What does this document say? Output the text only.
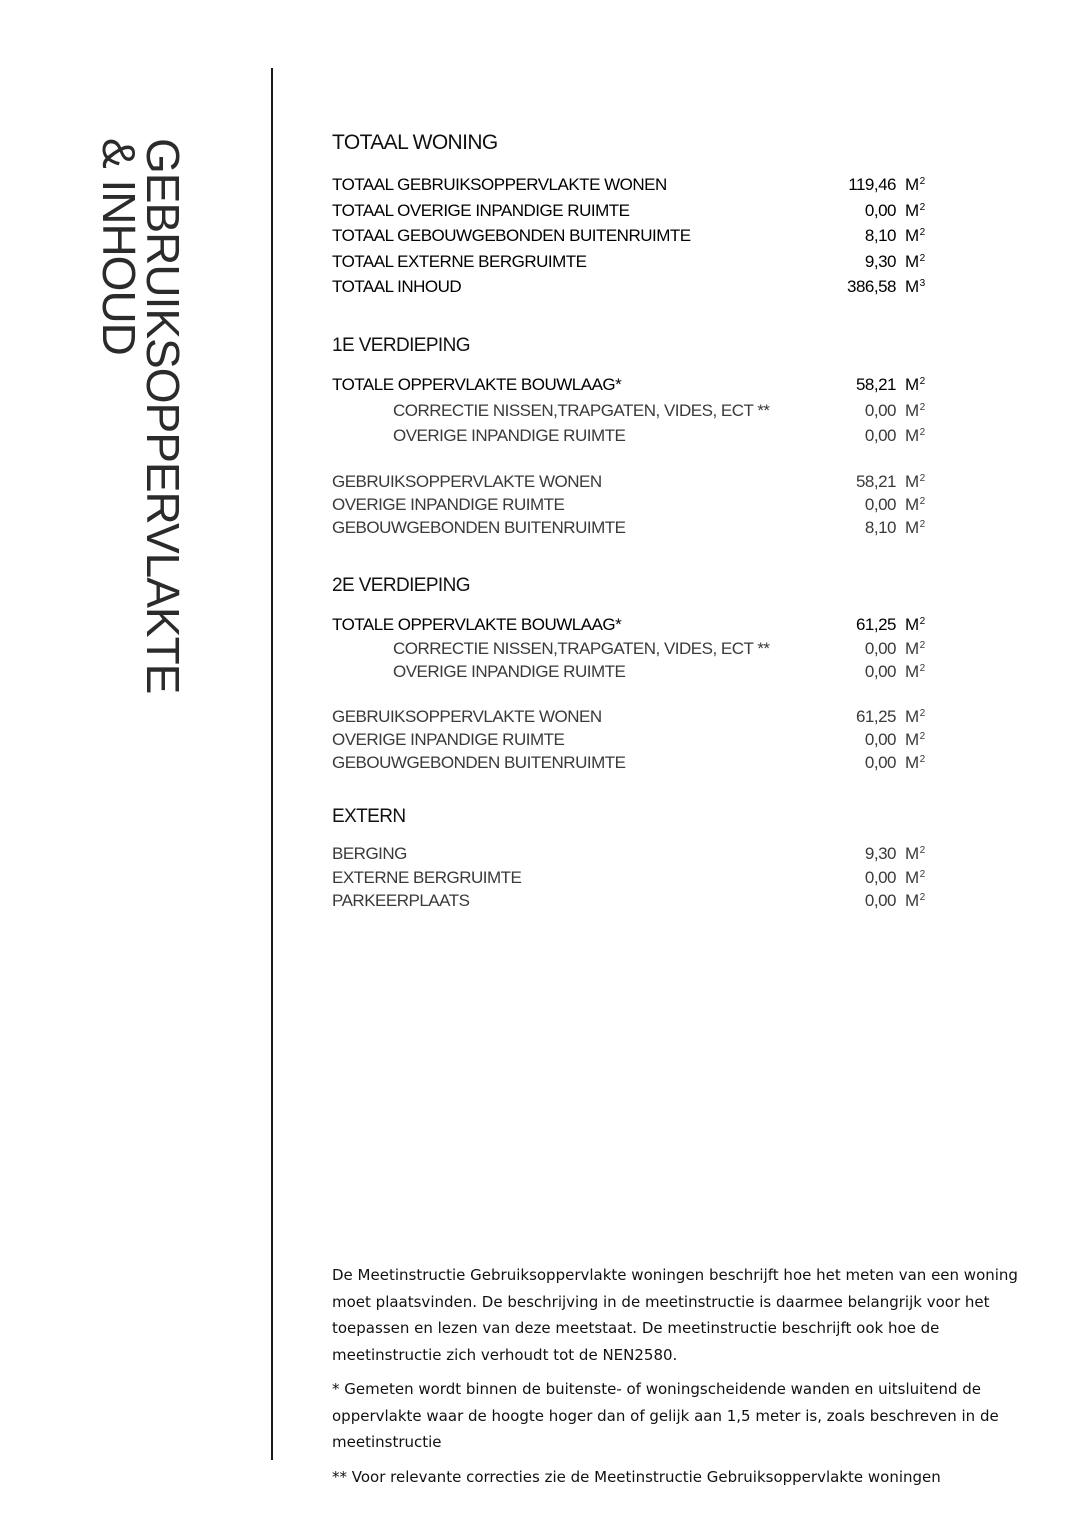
GEBRUIKSOPPERVLAKTE
& INHOUD	TOTAAL WONING
TOTAAL GEBRUIKSOPPERVLAKTE WONEN	119,46 $M^2$
TOTAAL OVERIGE INPANDIGE RUIMTE	0,00 $M^2$
TOTAAL GEBOUWGEBONDEN BUITENRUIMTE	8,10 $M^2$
TOTAAL EXTERNE BERGRUIMTE	9,30 $M^2$
TOTAAL INHOUD	386,58 $M^3$
1E VERDIEPING
TOTALE OPPERVLAKTE BOUWLAAG*	58,21 $M^2$
CORRECTIE NISSEN,TRAPGATEN, VIDES, ECT **	0,00 $M^2$
OVERIGE INPANDIGE RUIMTE	0,00 $M^2$
GEBRUIKSOPPERVLAKTE WONEN	58,21 $M^2$
OVERIGE INPANDIGE RUIMTE	0,00 $M^2$
GEBOUWGEBONDEN BUITENRUIMTE	8,10 $M^2$
2E VERDIEPING
TOTALE OPPERVLAKTE BOUWLAAG*	61,25 $M^2$
CORRECTIE NISSEN,TRAPGATEN, VIDES, ECT **	0,00 $M^2$
OVERIGE INPANDIGE RUIMTE	0,00 $M^2$
GEBRUIKSOPPERVLAKTE WONEN	61,25 $M^2$
OVERIGE INPANDIGE RUIMTE	0,00 $M^2$
GEBOUWGEBONDEN BUITENRUIMTE	0,00 $M^2$
EXTERN
BERGING	9,30 $M^2$
EXTERNE BERGRUIMTE	0,00 $M^2$
PARKEERPLAATS	0,00 $M^2$

De Meetinstructie Gebruiksoppervlakte woningen beschrijft hoe het meten van een woning moet plaatsvinden. De beschrijving in de meetinstructie is daarmee belangrijk voor het toepassen en lezen van deze meetstaat. De meetinstructie beschrijft ook hoe de meetinstructie zich verhoudt tot de NEN2580.

* Gemeten wordt binnen de buitenste- of woningscheidende wanden en uitsluitend de oppervlakte waar de hoogte hoger dan of gelijk aan 1,5 meter is, zoals beschreven in de meetinstructie

** Voor relevante correcties zie de Meetinstructie Gebruiksoppervlakte woningen
